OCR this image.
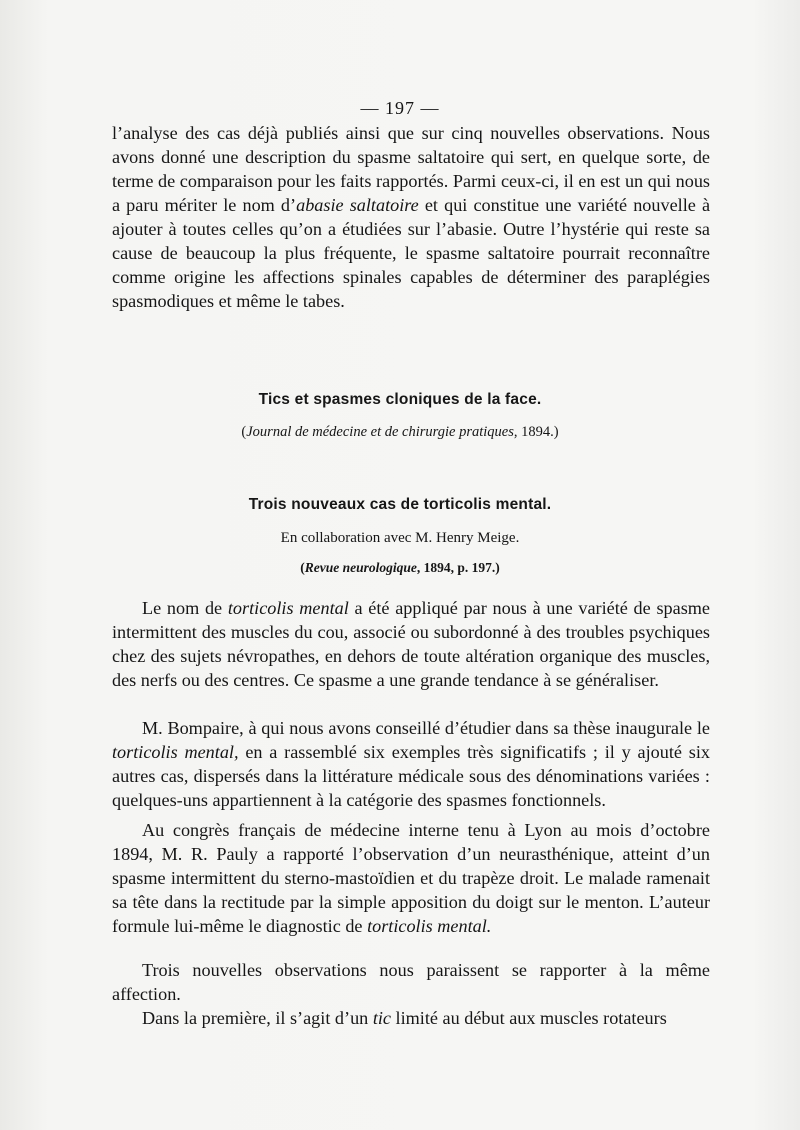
— 197 —
l’analyse des cas déjà publiés ainsi que sur cinq nouvelles observations. Nous avons donné une description du spasme saltatoire qui sert, en quelque sorte, de terme de comparaison pour les faits rapportés. Parmi ceux-ci, il en est un qui nous a paru mériter le nom d’abasie saltatoire et qui constitue une variété nouvelle à ajouter à toutes celles qu’on a étudiées sur l’abasie. Outre l’hystérie qui reste sa cause de beaucoup la plus fréquente, le spasme saltatoire pourrait reconnaître comme origine les affections spinales capables de déterminer des paraplégies spasmodiques et même le tabes.
Tics et spasmes cloniques de la face.
(Journal de médecine et de chirurgie pratiques, 1894.)
Trois nouveaux cas de torticolis mental.
En collaboration avec M. Henry Meige.
(Revue neurologique, 1894, p. 197.)
Le nom de torticolis mental a été appliqué par nous à une variété de spasme intermittent des muscles du cou, associé ou subordonné à des troubles psychiques chez des sujets névropathes, en dehors de toute altération organique des muscles, des nerfs ou des centres. Ce spasme a une grande tendance à se généraliser.
M. Bompaire, à qui nous avons conseillé d’étudier dans sa thèse inaugurale le torticolis mental, en a rassemblé six exemples très significatifs ; il y ajouté six autres cas, dispersés dans la littérature médicale sous des dénominations variées : quelques-uns appartiennent à la catégorie des spasmes fonctionnels.
Au congrès français de médecine interne tenu à Lyon au mois d’octobre 1894, M. R. Pauly a rapporté l’observation d’un neurasthénique, atteint d’un spasme intermittent du sterno-mastoïdien et du trapèze droit. Le malade ramenait sa tête dans la rectitude par la simple apposition du doigt sur le menton. L’auteur formule lui-même le diagnostic de torticolis mental.
Trois nouvelles observations nous paraissent se rapporter à la même affection.
Dans la première, il s’agit d’un tic limité au début aux muscles rotateurs
